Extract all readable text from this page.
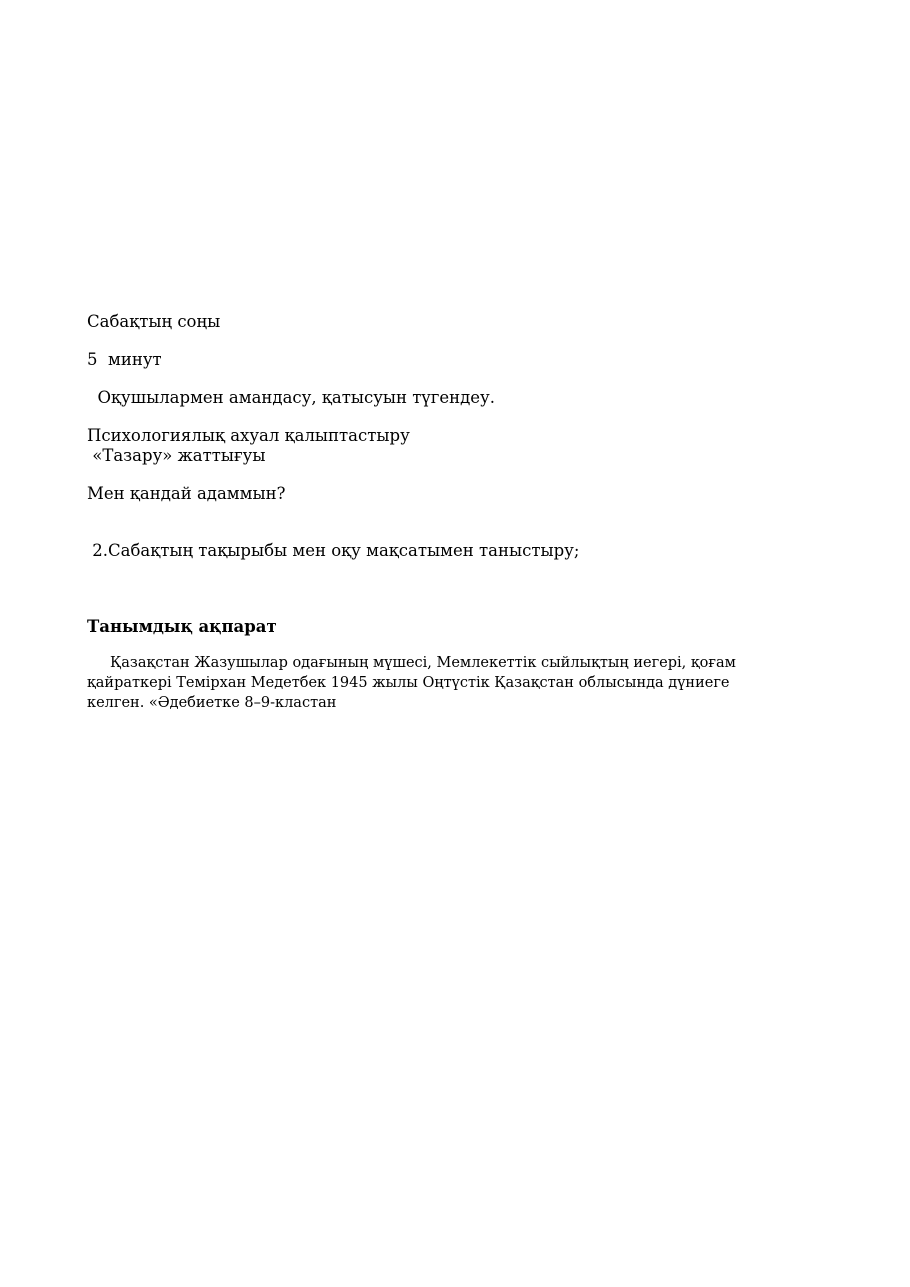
Сабақтың соңы

5  минут

Оқушылармен амандасу, қатысуын түгендеу.

Психологиялық ахуал қалыптастыру

«Тазару» жаттығуы

Мен қандай адаммын?

2.Сабақтың тақырыбы мен оқу мақсатымен таныстыру;

Танымдық ақпарат

Қазақстан Жазушылар одағының мүшесі, Мемлекеттік сыйлықтың иегері, қоғам
қайраткері Темірхан Медетбек 1945 жылы Оңтүстік Қазақстан облысында дүниеге
келген. «Әдебиетке 8–9-кластан
